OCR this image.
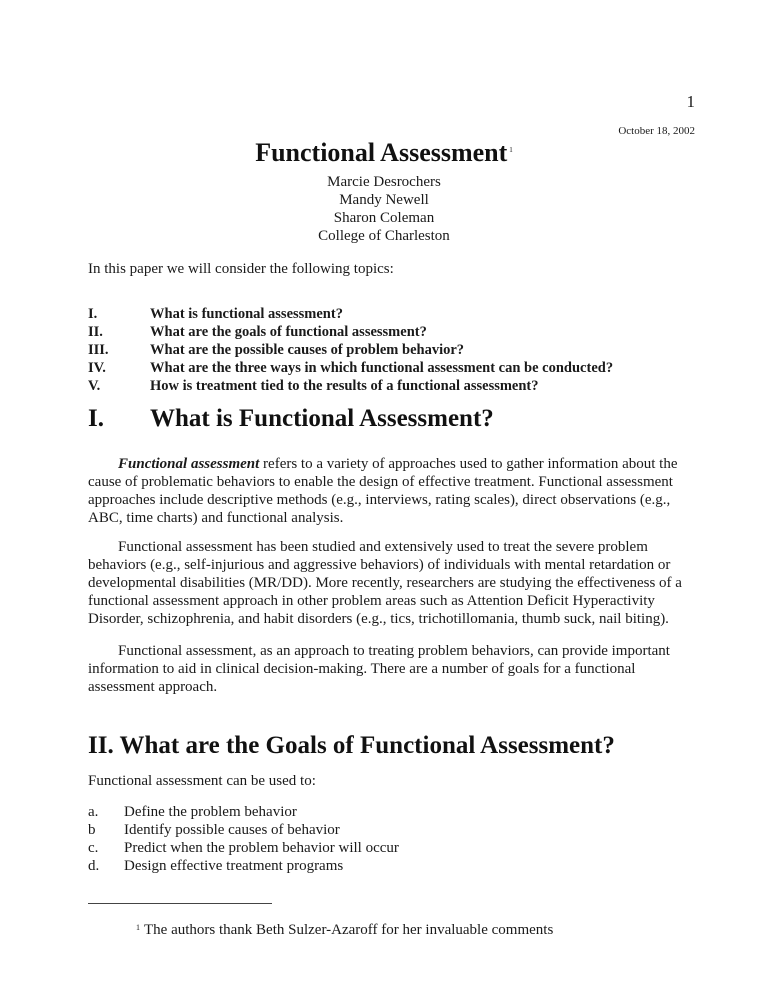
1
October 18, 2002
Functional Assessment $^1$
Marcie Desrochers
Mandy Newell
Sharon Coleman
College of Charleston
In this paper we will consider the following topics:
I.	What is functional assessment?
II.	What are the goals of functional assessment?
III.	What are the possible causes of problem behavior?
IV.	What are the three ways in which functional assessment can be conducted?
V.	How is treatment tied to the results of a functional assessment?
I.	What is Functional Assessment?
Functional assessment refers to a variety of approaches used to gather information about the cause of problematic behaviors to enable the design of effective treatment. Functional assessment approaches include descriptive methods (e.g., interviews, rating scales), direct observations (e.g., ABC, time charts) and functional analysis.
Functional assessment has been studied and extensively used to treat the severe problem behaviors (e.g., self-injurious and aggressive behaviors) of individuals with mental retardation or developmental disabilities (MR/DD). More recently, researchers are studying the effectiveness of a functional assessment approach in other problem areas such as Attention Deficit Hyperactivity Disorder, schizophrenia, and habit disorders (e.g., tics, trichotillomania, thumb suck, nail biting).
Functional assessment, as an approach to treating problem behaviors, can provide important information to aid in clinical decision-making. There are a number of goals for a functional assessment approach.
II. What are the Goals of Functional Assessment?
Functional assessment can be used to:
a.	Define the problem behavior
b	Identify possible causes of behavior
c.	Predict when the problem behavior will occur
d.	Design effective treatment programs
$^1$ The authors thank Beth Sulzer-Azaroff for her invaluable comments
